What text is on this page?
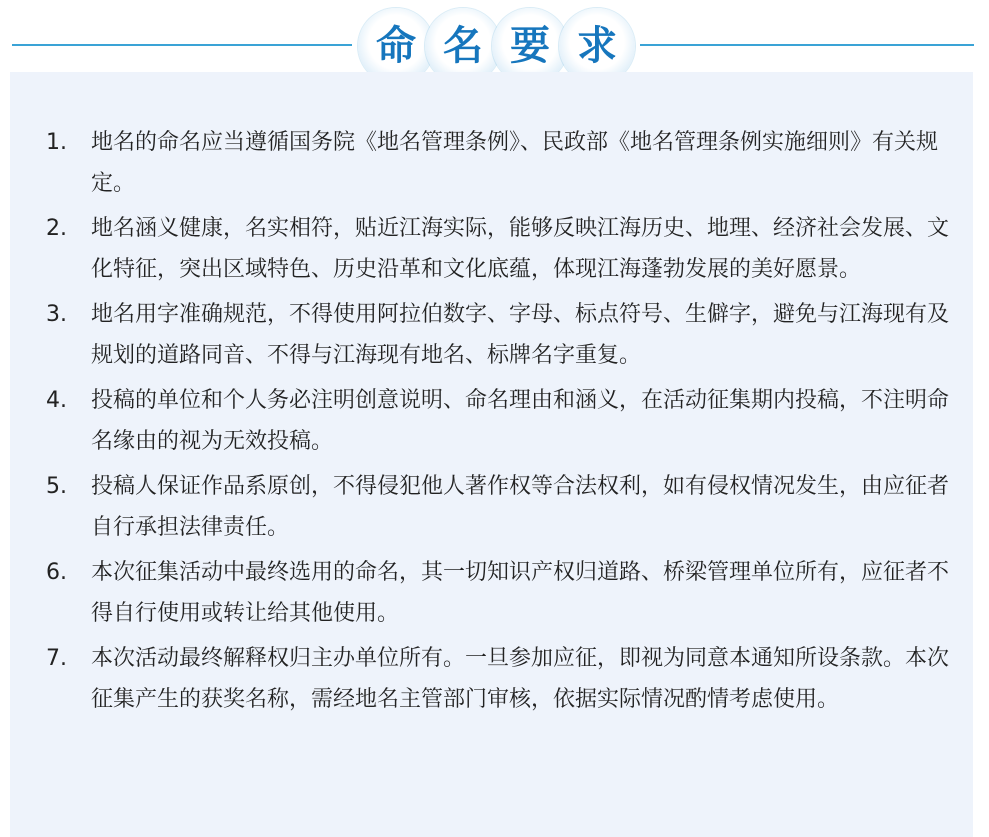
命 名 要 求
1.	地名的命名应当遵循国务院《地名管理条例》、民政部《地名管理条例实施细则》有关规定。
2.	地名涵义健康，名实相符，贴近江海实际，能够反映江海历史、地理、经济社会发展、文化特征，突出区域特色、历史沿革和文化底蕴，体现江海蓬勃发展的美好愿景。
3.	地名用字准确规范，不得使用阿拉伯数字、字母、标点符号、生僻字，避免与江海现有及规划的道路同音、不得与江海现有地名、标牌名字重复。
4.	投稿的单位和个人务必注明创意说明、命名理由和涵义，在活动征集期内投稿，不注明命名缘由的视为无效投稿。
5.	投稿人保证作品系原创，不得侵犯他人著作权等合法权利，如有侵权情况发生，由应征者自行承担法律责任。
6.	本次征集活动中最终选用的命名，其一切知识产权归道路、桥梁管理单位所有，应征者不得自行使用或转让给其他使用。
7.	本次活动最终解释权归主办单位所有。一旦参加应征，即视为同意本通知所设条款。本次征集产生的获奖名称，需经地名主管部门审核，依据实际情况酌情考虑使用。
